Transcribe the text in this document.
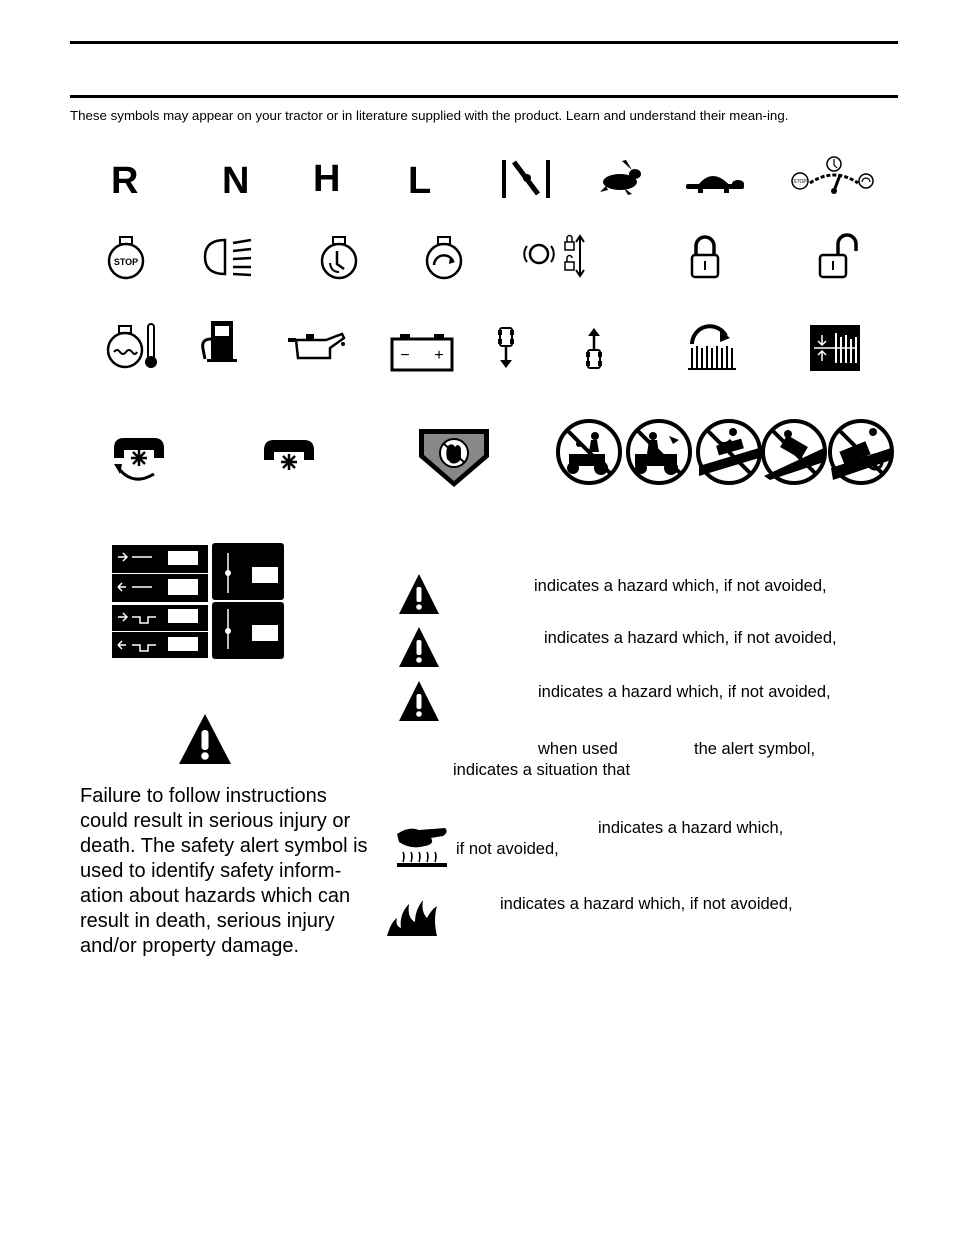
These symbols may appear on your tractor or in literature supplied with the product. Learn and understand their mean-ing.
R N H L	STOP
STOP
− +
indicates a hazard which, if not avoided,
indicates a hazard which, if not avoided,
indicates a hazard which, if not avoided,
when used	the alert symbol,
indicates a situation that
indicates a hazard which,
if not avoided,
indicates a hazard which, if not avoided,
Failure to follow instructions could result in serious injury or death. The safety alert symbol is used to identify safety inform-ation about hazards which can result in death, serious injury and/or property damage.
